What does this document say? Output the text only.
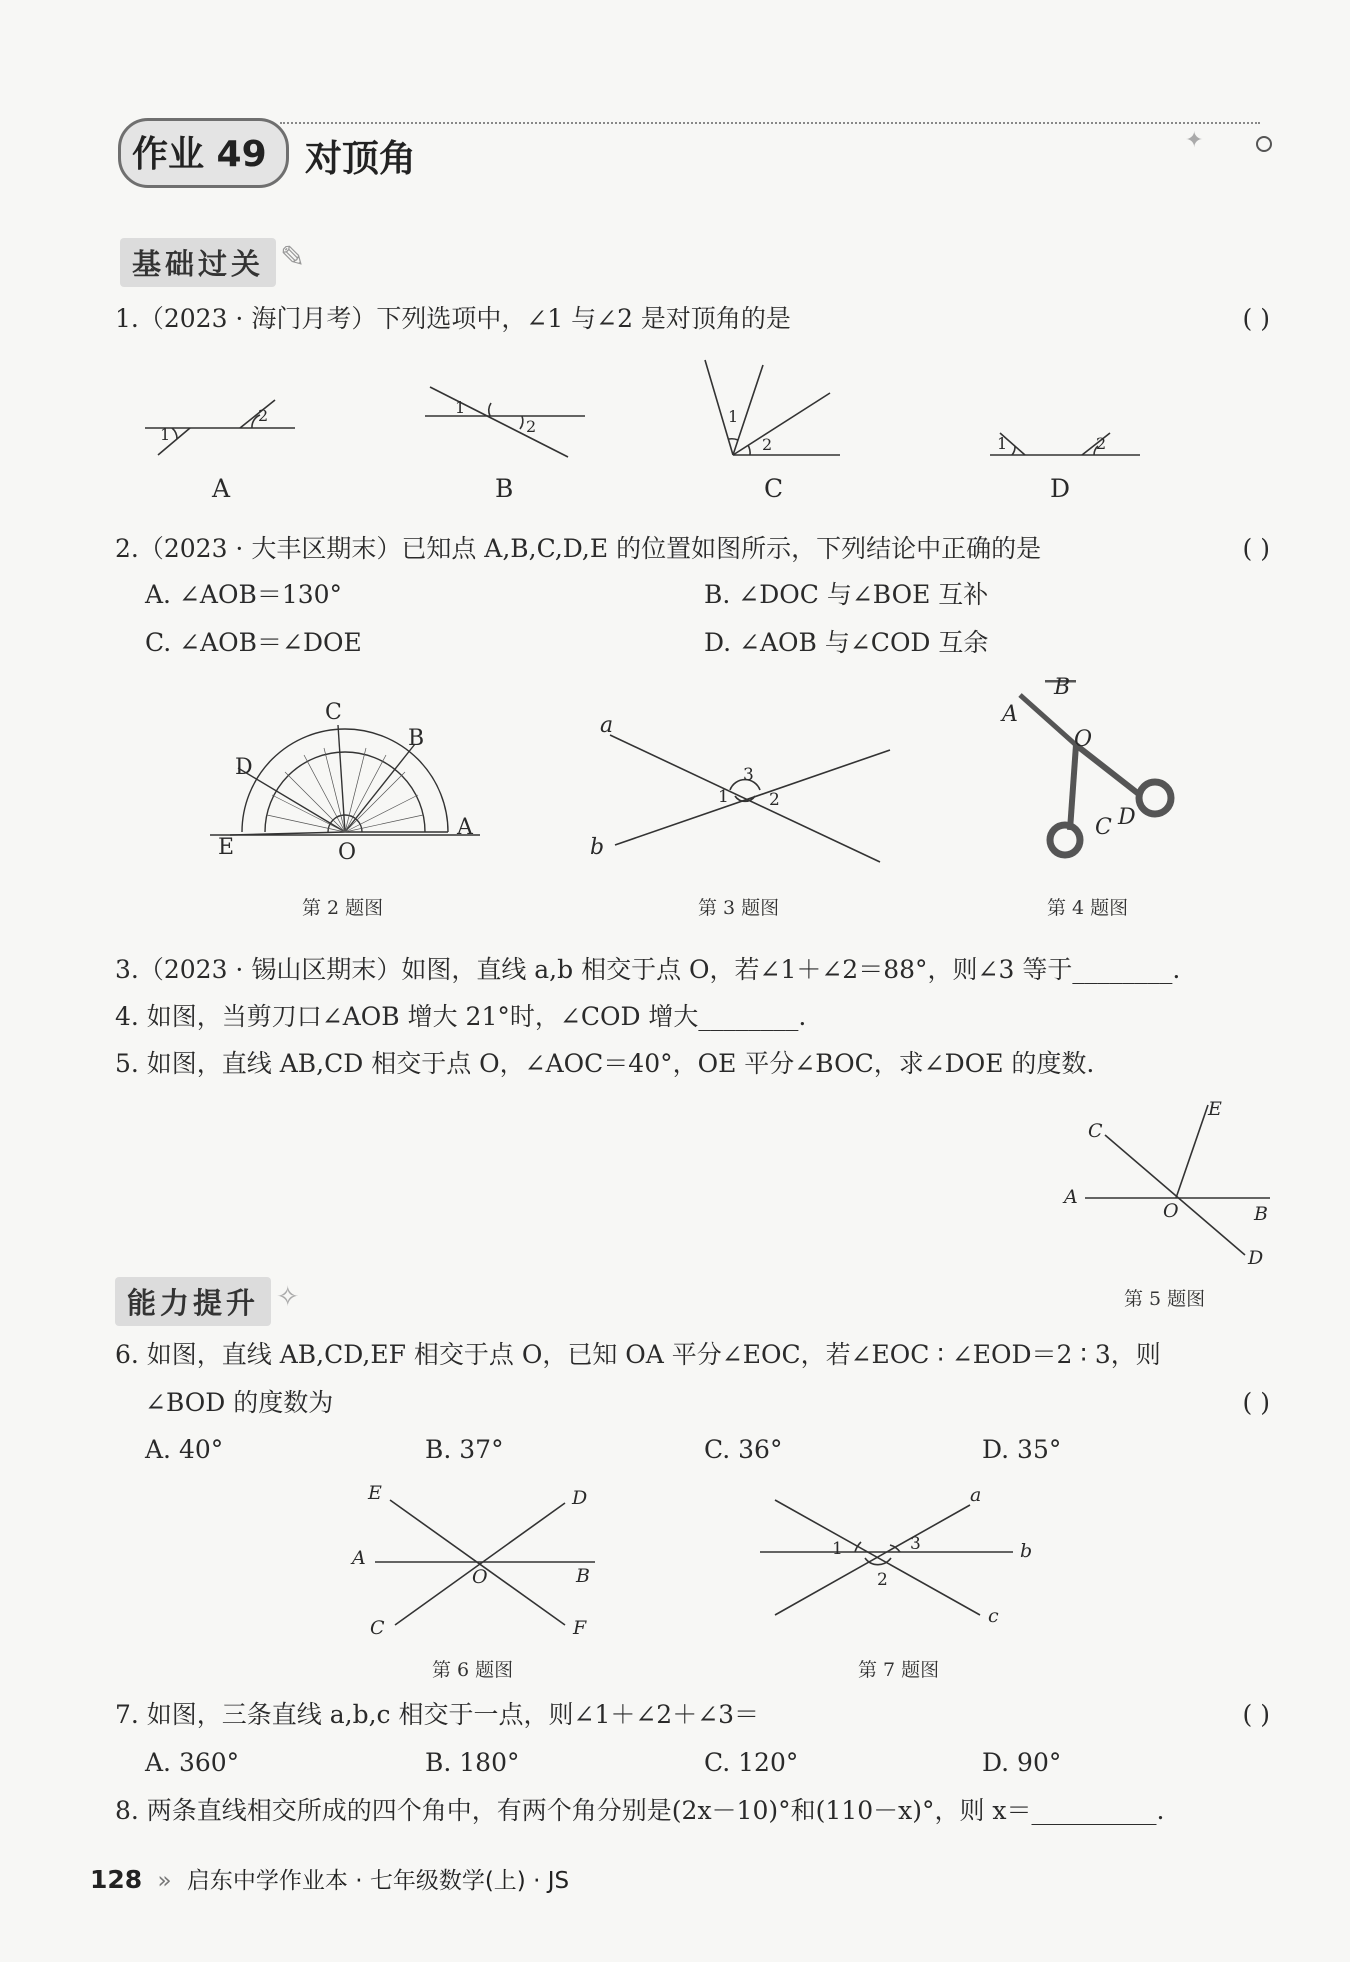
✦
作业 49 对顶角
基础过关 ✎
1.（2023 · 海门月考）下列选项中，∠1 与∠2 是对顶角的是	( )
1
2	1
2
1
2	1	2
A	B	C	D
2.（2023 · 大丰区期末）已知点 A,B,C,D,E 的位置如图所示，下列结论中正确的是	( )
A. ∠AOB＝130°	B. ∠DOC 与∠BOE 互补
C. ∠AOB＝∠DOE	D. ∠AOB 与∠COD 互余
C
B
D
E	O
A
第 2 题图
a
b
3
1 2
第 3 题图
B
A
O
C D
第 4 题图
3.（2023 · 锡山区期末）如图，直线 a,b 相交于点 O，若∠1＋∠2＝88°，则∠3 等于________.
4. 如图，当剪刀口∠AOB 增大 21°时，∠COD 增大________.
5. 如图，直线 AB,CD 相交于点 O，∠AOC＝40°，OE 平分∠BOC，求∠DOE 的度数.
E
C
A
O	B
D
第 5 题图
能力提升 ✧
6. 如图，直线 AB,CD,EF 相交于点 O，已知 OA 平分∠EOC，若∠EOC ∶ ∠EOD＝2 ∶ 3，则
∠BOD 的度数为	( )
A. 40°	B. 37°	C. 36°	D. 35°
E	D
A
O	B
C	F
第 6 题图
a
b
c
1	3
2
第 7 题图
7. 如图，三条直线 a,b,c 相交于一点，则∠1＋∠2＋∠3＝	( )
A. 360°	B. 180°	C. 120°	D. 90°
8. 两条直线相交所成的四个角中，有两个角分别是(2x－10)°和(110－x)°，则 x＝__________.
128 » 启东中学作业本 · 七年级数学(上) · JS
